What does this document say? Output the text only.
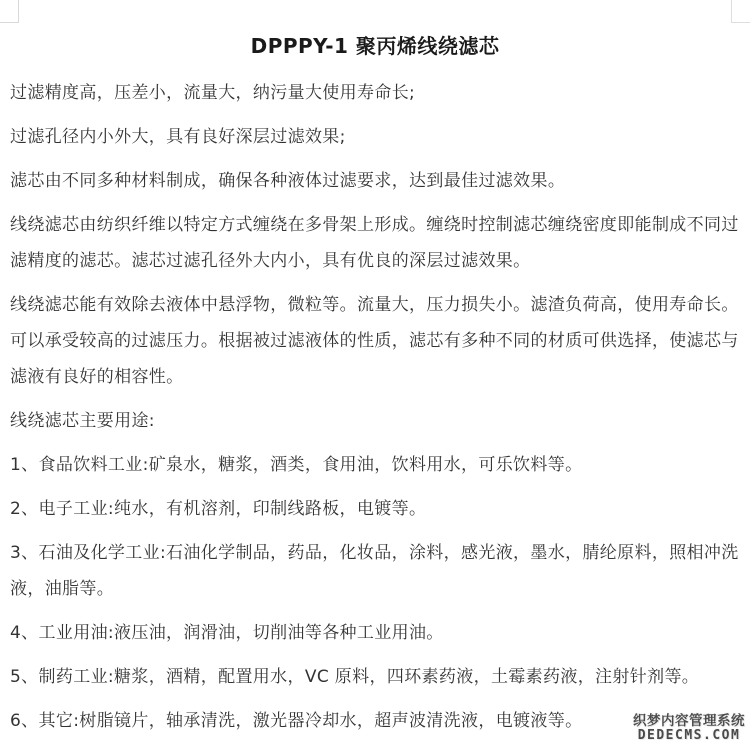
DPPPY-1 聚丙烯线绕滤芯

过滤精度高，压差小，流量大，纳污量大使用寿命长;

过滤孔径内小外大，具有良好深层过滤效果;

滤芯由不同多种材料制成，确保各种液体过滤要求，达到最佳过滤效果。

线绕滤芯由纺织纤维以特定方式缠绕在多骨架上形成。缠绕时控制滤芯缠绕密度即能制成不同过滤精度的滤芯。滤芯过滤孔径外大内小，具有优良的深层过滤效果。

线绕滤芯能有效除去液体中悬浮物，微粒等。流量大，压力损失小。滤渣负荷高，使用寿命长。可以承受较高的过滤压力。根据被过滤液体的性质，滤芯有多种不同的材质可供选择，使滤芯与滤液有良好的相容性。

线绕滤芯主要用途:

1、食品饮料工业:矿泉水，糖浆，酒类，食用油，饮料用水，可乐饮料等。

2、电子工业:纯水，有机溶剂，印制线路板，电镀等。

3、石油及化学工业:石油化学制品，药品，化妆品，涂料，感光液，墨水，腈纶原料，照相冲洗液，油脂等。

4、工业用油:液压油，润滑油，切削油等各种工业用油。

5、制药工业:糖浆，酒精，配置用水，VC 原料，四环素药液，土霉素药液，注射针剂等。

6、其它:树脂镜片，轴承清洗，激光器冷却水，超声波清洗液，电镀液等。	织梦内容管理系统
DEDECMS.COM
